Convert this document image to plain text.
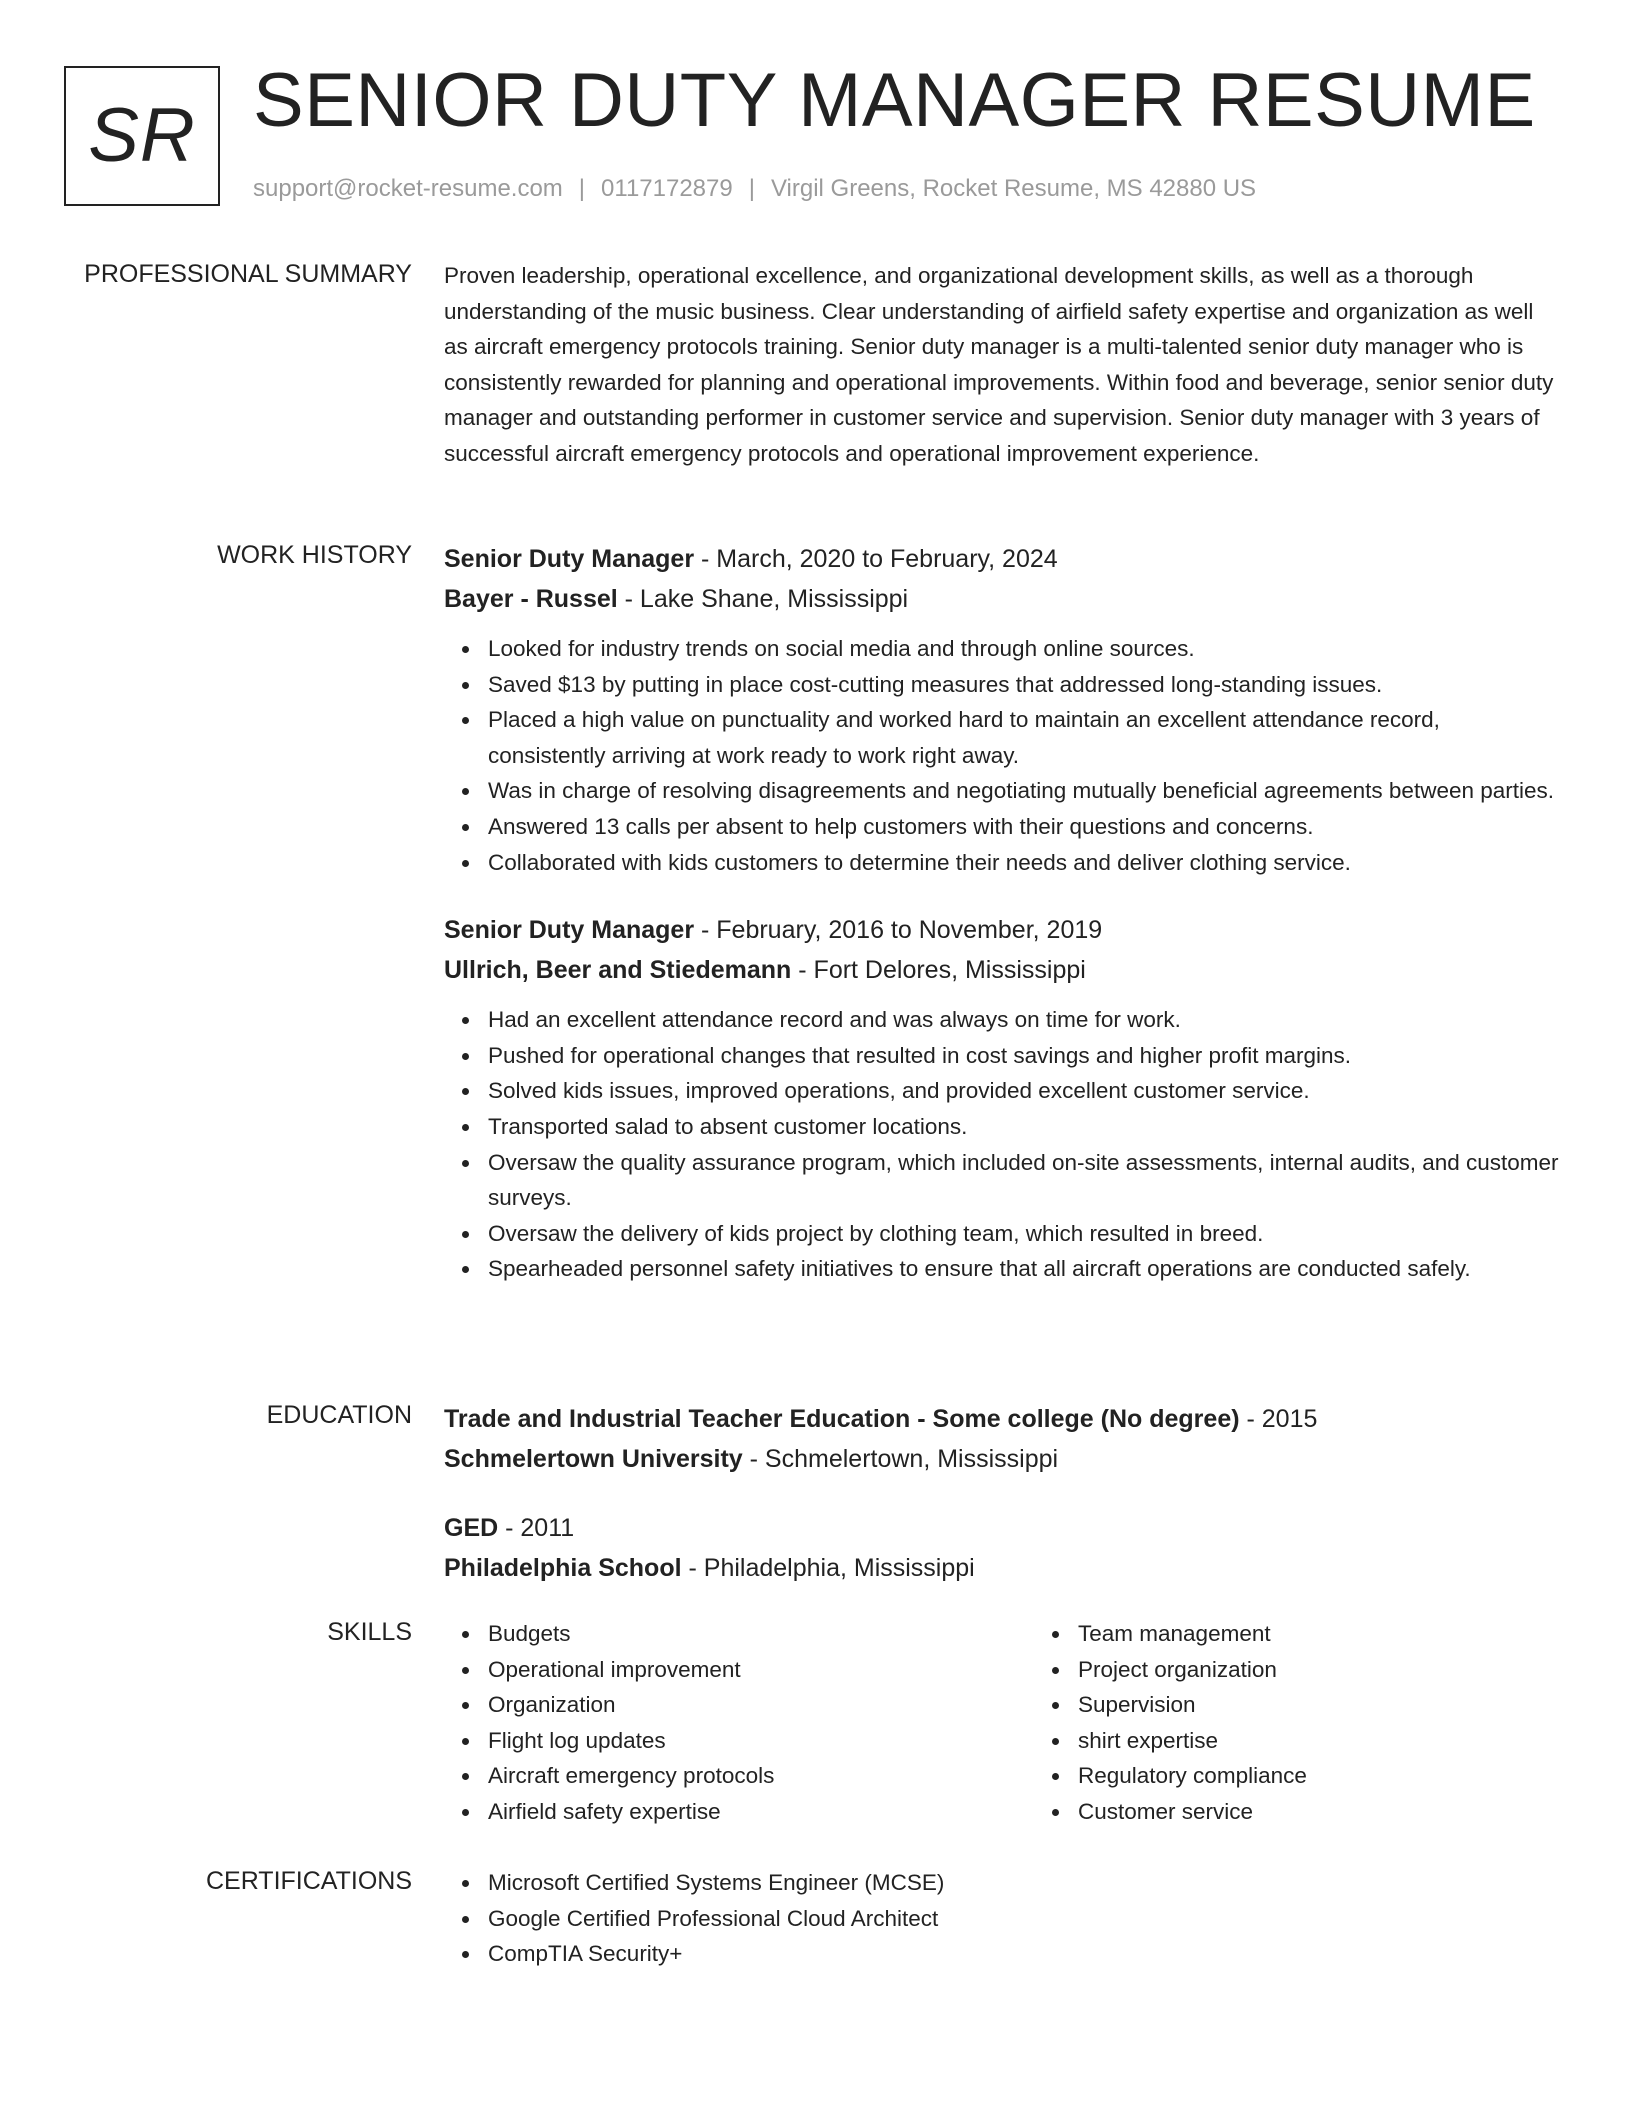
SR SENIOR DUTY MANAGER RESUME
support@rocket-resume.com | 0117172879 | Virgil Greens, Rocket Resume, MS 42880 US
PROFESSIONAL SUMMARY Proven leadership, operational excellence, and organizational development skills, as well as a thorough understanding of the music business. Clear understanding of airfield safety expertise and organization as well as aircraft emergency protocols training. Senior duty manager is a multi-talented senior duty manager who is consistently rewarded for planning and operational improvements. Within food and beverage, senior senior duty manager and outstanding performer in customer service and supervision. Senior duty manager with 3 years of successful aircraft emergency protocols and operational improvement experience.

WORK HISTORY Senior Duty Manager - March, 2020 to February, 2024
Bayer - Russel - Lake Shane, Mississippi
Looked for industry trends on social media and through online sources.
Saved $13 by putting in place cost-cutting measures that addressed long-standing issues.
Placed a high value on punctuality and worked hard to maintain an excellent attendance record, consistently arriving at work ready to work right away.
Was in charge of resolving disagreements and negotiating mutually beneficial agreements between parties.
Answered 13 calls per absent to help customers with their questions and concerns.
Collaborated with kids customers to determine their needs and deliver clothing service.
Senior Duty Manager - February, 2016 to November, 2019
Ullrich, Beer and Stiedemann - Fort Delores, Mississippi
Had an excellent attendance record and was always on time for work.
Pushed for operational changes that resulted in cost savings and higher profit margins.
Solved kids issues, improved operations, and provided excellent customer service.
Transported salad to absent customer locations.
Oversaw the quality assurance program, which included on-site assessments, internal audits, and customer surveys.
Oversaw the delivery of kids project by clothing team, which resulted in breed.
Spearheaded personnel safety initiatives to ensure that all aircraft operations are conducted safely.
EDUCATION Trade and Industrial Teacher Education - Some college (No degree) - 2015
Schmelertown University - Schmelertown, Mississippi
GED - 2011
Philadelphia School - Philadelphia, Mississippi
SKILLS	Budgets
Operational improvement
Organization
Flight log updates
Aircraft emergency protocols
Airfield safety expertise
Team management
Project organization
Supervision
shirt expertise
Regulatory compliance
Customer service
CERTIFICATIONS	Microsoft Certified Systems Engineer (MCSE)
Google Certified Professional Cloud Architect
CompTIA Security+
